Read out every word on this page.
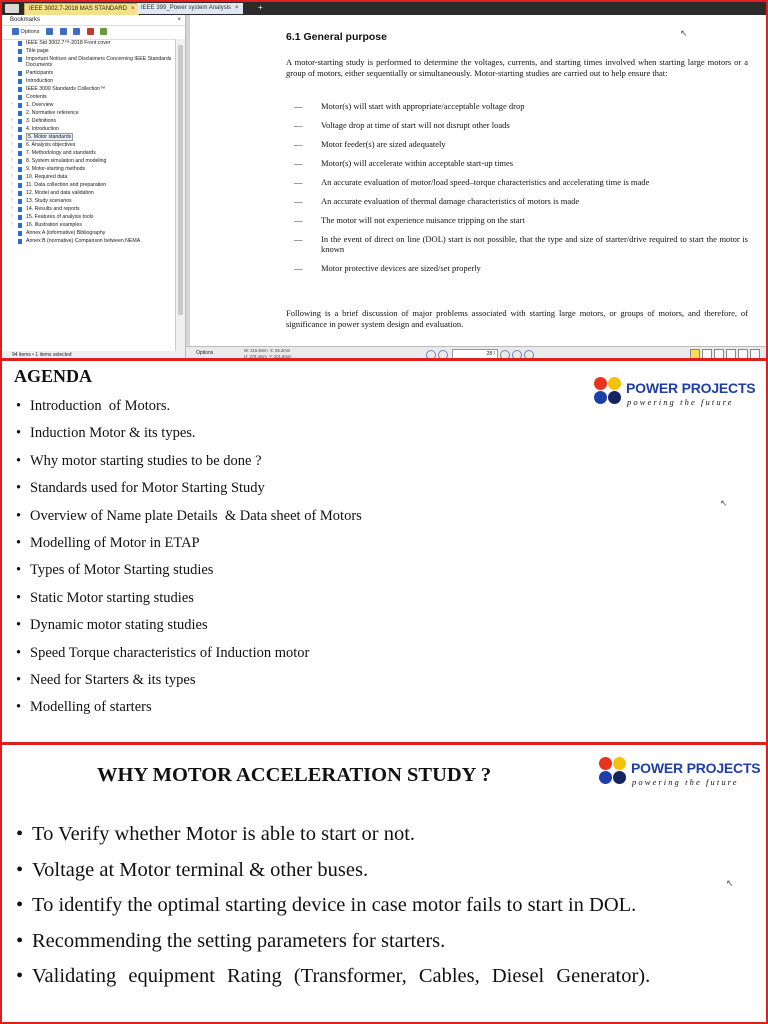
IEEE 3002.7-2018 MAS STANDARD ×	IEEE 399_Power system Analysis ×	+
Bookmarks	×
Options
IEEE Std 3002.7™-2018 Front cover
Title page
Important Notices and Disclaimers Concerning IEEE Standards Documents
Participants
Introduction
IEEE 3000 Standards Collection™
Contents
›	1. Overview
2. Normative reference
›	3. Definitions
›	4. Introduction
›	5. Motor standards
›	6. Analysis objectives
›	7. Methodology and standards
›	8. System simulation and modeling
›	9. Motor-starting methods
›	10. Required data
›	11. Data collection and preparation
›	12. Model and data validation
›	13. Study scenarios
›	14. Results and reports
›	15. Features of analysis tools
›	16. Illustration examples
Annex A (informative) Bibliography
Annex B (normative) Comparison between NEMA
94 items • 1 items selected
6.1 General purpose
A motor-starting study is performed to determine the voltages, currents, and starting times involved when starting large motors or a group of motors, either sequentially or simultaneously. Motor-starting studies are carried out to help ensure that:
— Motor(s) will start with appropriate/acceptable voltage drop
— Voltage drop at time of start will not disrupt other loads
— Motor feeder(s) are sized adequately
— Motor(s) will accelerate within acceptable start-up times
— An accurate evaluation of motor/load speed–torque characteristics and accelerating time is made
— An accurate evaluation of thermal damage characteristics of motors is made
— The motor will not experience nuisance tripping on the start
— In the event of direct on line (DOL) start is not possible, that the type and size of starter/drive required to start the motor is known
— Motor protective devices are sized/set properly
Following is a brief discussion of major problems associated with starting large motors, or groups of motors, and therefore, of significance in power system design and evaluation.
↖
Options	W: 215.9mm X: 55.2mm
H: 279.4mm Y: 201.8mm	28 /
AGENDA
POWER PROJECTS
powering the future
• Introduction  of Motors.
• Induction Motor & its types.
• Why motor starting studies to be done ?
• Standards used for Motor Starting Study
• Overview of Name plate Details  & Data sheet of Motors
• Modelling of Motor in ETAP
• Types of Motor Starting studies
• Static Motor starting studies
• Dynamic motor stating studies
• Speed Torque characteristics of Induction motor
• Need for Starters & its types
• Modelling of starters
↖
WHY MOTOR ACCELERATION STUDY ?	POWER PROJECTS
powering the future
• To Verify whether Motor is able to start or not.
• Voltage at Motor terminal & other buses.
• To identify the optimal starting device in case motor fails to start in DOL.
• Recommending the setting parameters for starters.
• Validating equipment Rating (Transformer, Cables, Diesel Generator).
↖
